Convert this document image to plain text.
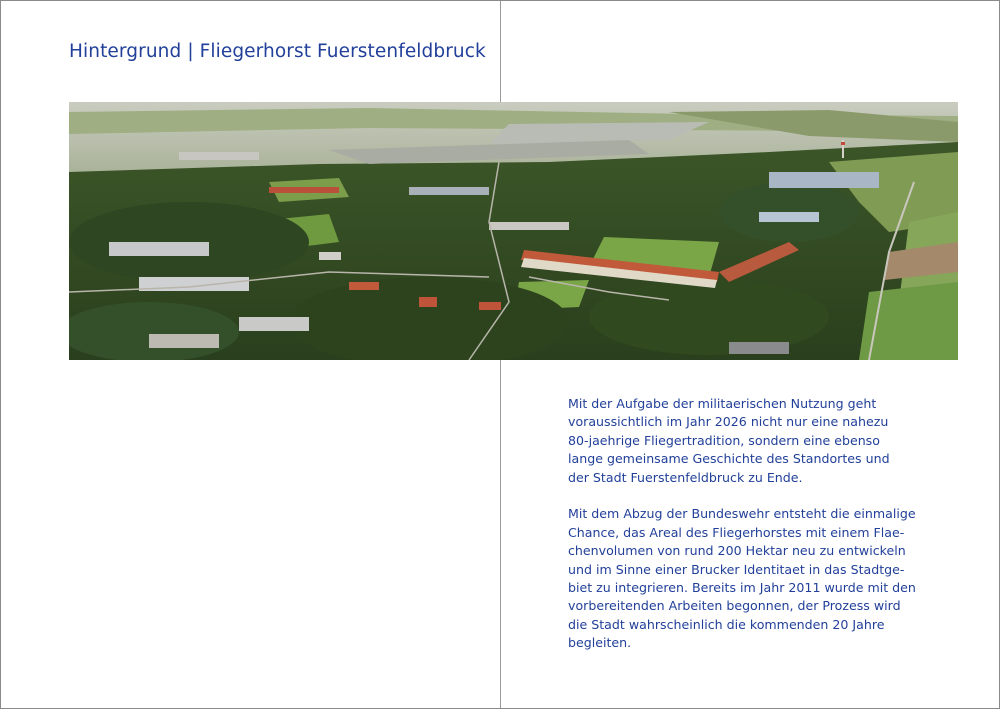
Hintergrund | Fliegerhorst Fuerstenfeldbruck

Mit der Aufgabe der militaerischen Nutzung geht
voraussichtlich im Jahr 2026 nicht nur eine nahezu
80-jaehrige Fliegertradition, sondern eine ebenso
lange gemeinsame Geschichte des Standortes und
der Stadt Fuerstenfeldbruck zu Ende.

Mit dem Abzug der Bundeswehr entsteht die einmalige
Chance, das Areal des Fliegerhorstes mit einem Flae-
chenvolumen von rund 200 Hektar neu zu entwickeln
und im Sinne einer Brucker Identitaet in das Stadtge-
biet zu integrieren. Bereits im Jahr 2011 wurde mit den
vorbereitenden Arbeiten begonnen, der Prozess wird
die Stadt wahrscheinlich die kommenden 20 Jahre
begleiten.
